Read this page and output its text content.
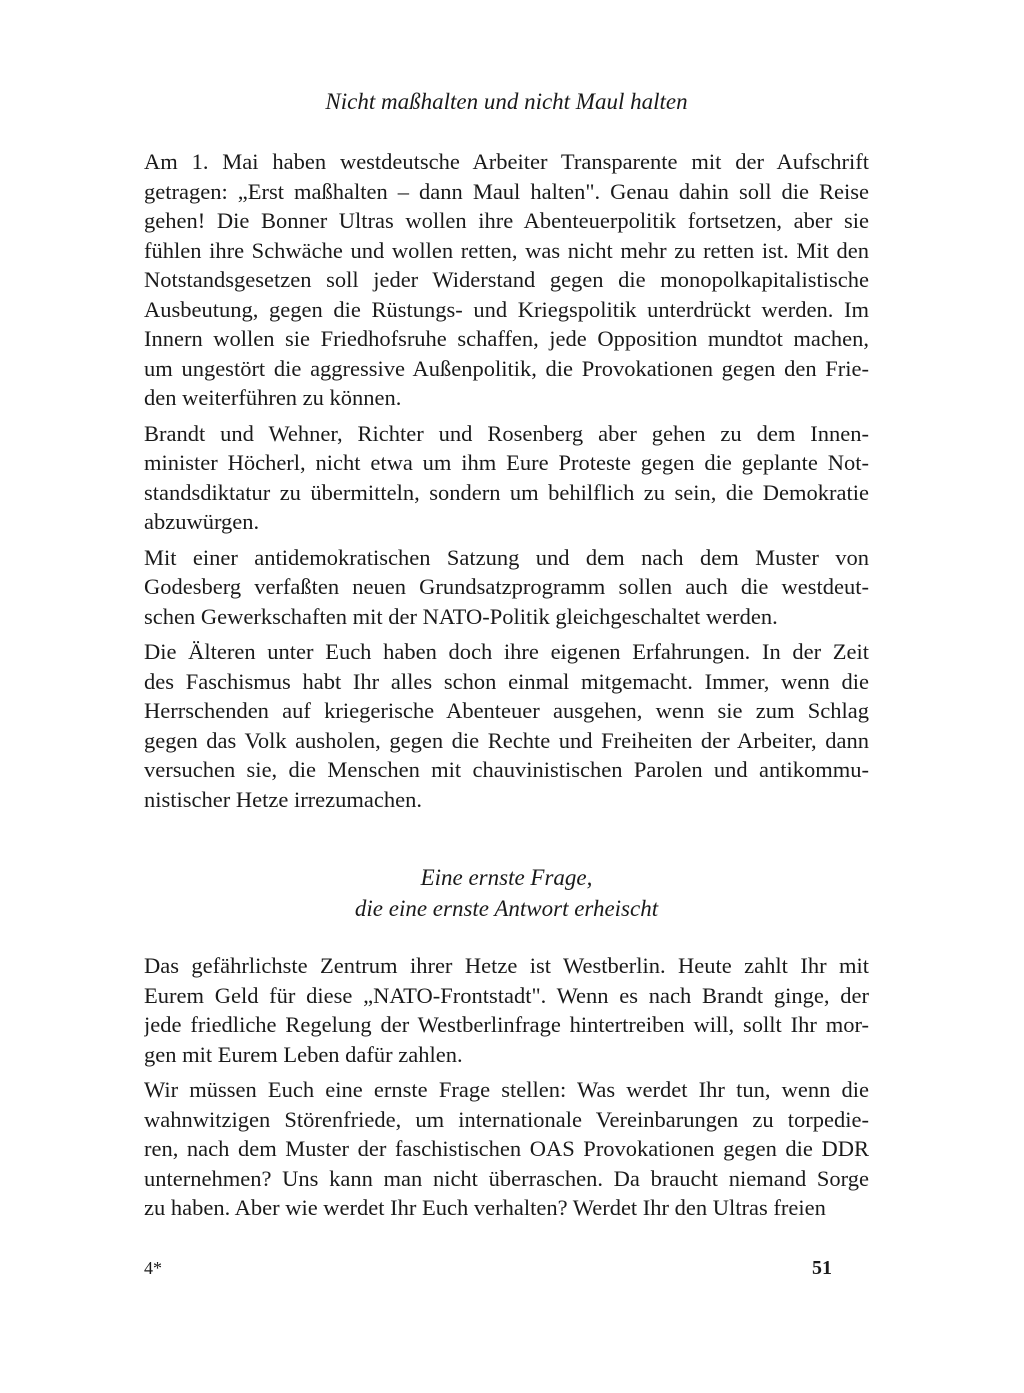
Nicht maßhalten und nicht Maul halten

Am 1. Mai haben westdeutsche Arbeiter Transparente mit der Aufschrift
getragen: „Erst maßhalten – dann Maul halten". Genau dahin soll die Reise
gehen! Die Bonner Ultras wollen ihre Abenteuerpolitik fortsetzen, aber sie
fühlen ihre Schwäche und wollen retten, was nicht mehr zu retten ist. Mit den
Notstandsgesetzen soll jeder Widerstand gegen die monopolkapitalistische
Ausbeutung, gegen die Rüstungs- und Kriegspolitik unterdrückt werden. Im
Innern wollen sie Friedhofsruhe schaffen, jede Opposition mundtot machen,
um ungestört die aggressive Außenpolitik, die Provokationen gegen den Frie-
den weiterführen zu können.

Brandt und Wehner, Richter und Rosenberg aber gehen zu dem Innen-
minister Höcherl, nicht etwa um ihm Eure Proteste gegen die geplante Not-
standsdiktatur zu übermitteln, sondern um behilflich zu sein, die Demokratie
abzuwürgen.

Mit einer antidemokratischen Satzung und dem nach dem Muster von
Godesberg verfaßten neuen Grundsatzprogramm sollen auch die westdeut-
schen Gewerkschaften mit der NATO-Politik gleichgeschaltet werden.

Die Älteren unter Euch haben doch ihre eigenen Erfahrungen. In der Zeit
des Faschismus habt Ihr alles schon einmal mitgemacht. Immer, wenn die
Herrschenden auf kriegerische Abenteuer ausgehen, wenn sie zum Schlag
gegen das Volk ausholen, gegen die Rechte und Freiheiten der Arbeiter, dann
versuchen sie, die Menschen mit chauvinistischen Parolen und antikommu-
nistischer Hetze irrezumachen.

Eine ernste Frage,
die eine ernste Antwort erheischt

Das gefährlichste Zentrum ihrer Hetze ist Westberlin. Heute zahlt Ihr mit
Eurem Geld für diese „NATO-Frontstadt". Wenn es nach Brandt ginge, der
jede friedliche Regelung der Westberlinfrage hintertreiben will, sollt Ihr mor-
gen mit Eurem Leben dafür zahlen.

Wir müssen Euch eine ernste Frage stellen: Was werdet Ihr tun, wenn die
wahnwitzigen Störenfriede, um internationale Vereinbarungen zu torpedie-
ren, nach dem Muster der faschistischen OAS Provokationen gegen die DDR
unternehmen? Uns kann man nicht überraschen. Da braucht niemand Sorge
zu haben. Aber wie werdet Ihr Euch verhalten? Werdet Ihr den Ultras freien

4*	51
